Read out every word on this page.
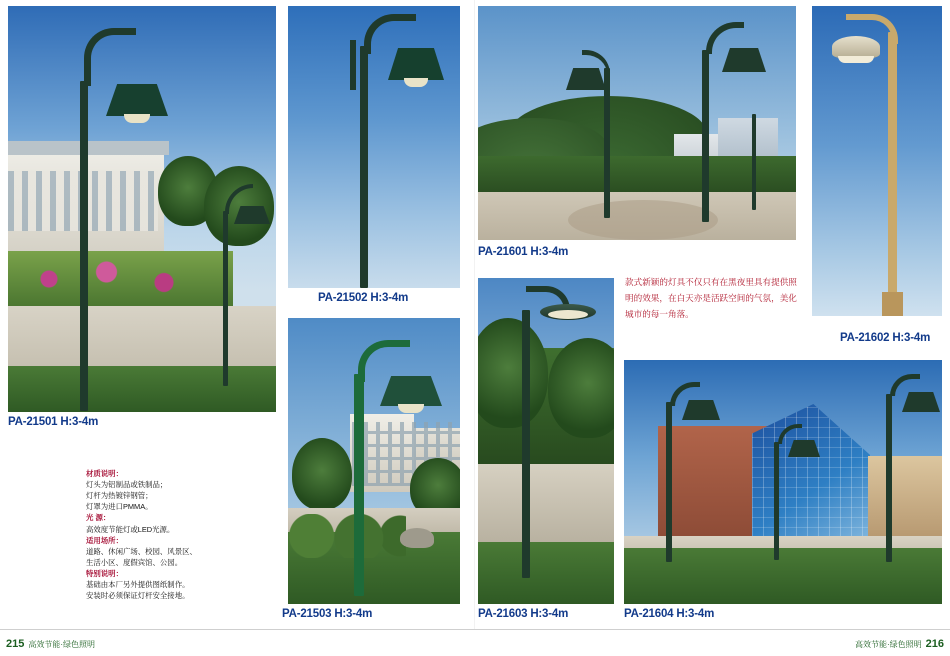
PA-21501 H:3-4m
PA-21502 H:3-4m
PA-21601 H:3-4m
PA-21602 H:3-4m
款式新颖的灯具不仅只有在黑夜里具有提供照明的效果，在白天亦是活跃空间的气氛，美化城市的每一角落。
PA-21503 H:3-4m	PA-21603 H:3-4m	PA-21604 H:3-4m
材质说明：
灯头为铝制品或铁制品；
灯杆为热镀锌钢管；
灯罩为进口PMMA。
光 源：
高效度节能灯或LED光源。
适用场所：
道路、休闲广场、校园、风景区、
生活小区、度假宾馆、公园。
特别说明：
基础由本厂另外提供图纸制作。
安装时必须保证灯杆安全接地。
215 高效节能·绿色照明	高效节能·绿色照明 216
